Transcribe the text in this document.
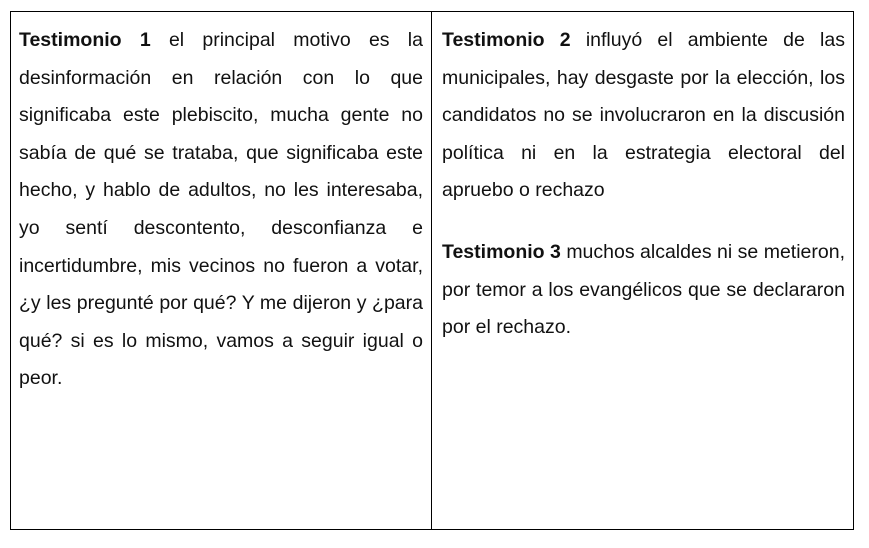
Testimonio 1 el principal motivo es la desinformación en relación con lo que significaba este plebiscito, mucha gente no sabía de qué se trataba, que significaba este hecho, y hablo de adultos, no les interesaba, yo sentí descontento, desconfianza e incertidumbre, mis vecinos no fueron a votar, ¿y les pregunté por qué? Y me dijeron y ¿para qué? si es lo mismo, vamos a seguir igual o peor.

Testimonio 2 influyó el ambiente de las municipales, hay desgaste por la elección, los candidatos no se involucraron en la discusión política ni en la estrategia electoral del apruebo o rechazo

Testimonio 3 muchos alcaldes ni se metieron, por temor a los evangélicos que se declararon por el rechazo.
